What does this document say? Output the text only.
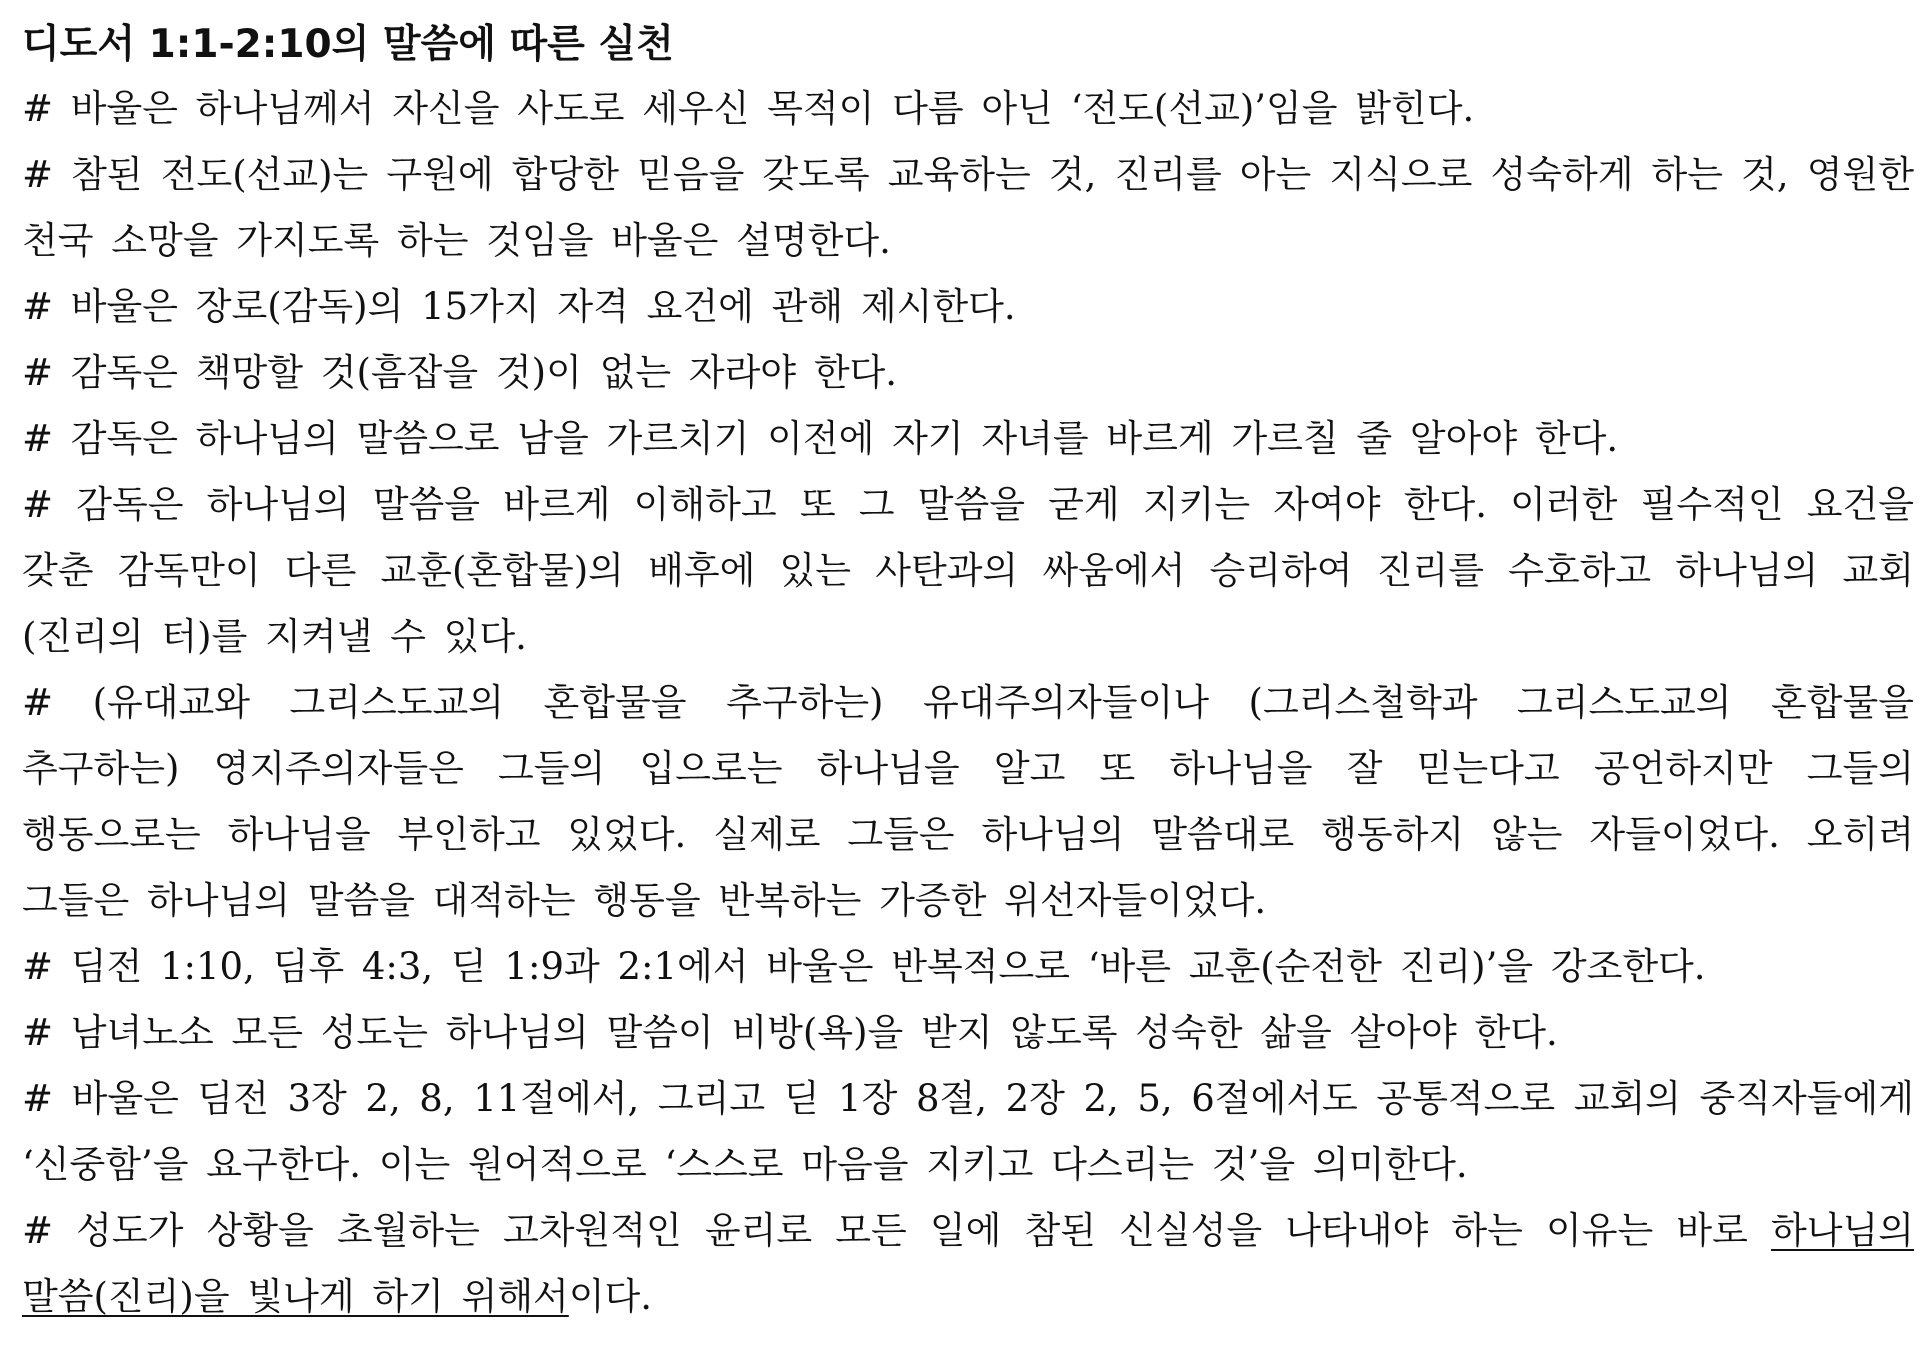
디도서 1:1-2:10의 말씀에 따른 실천

# 바울은 하나님께서 자신을 사도로 세우신 목적이 다름 아닌 ‘전도(선교)’임을 밝힌다.

# 참된 전도(선교)는 구원에 합당한 믿음을 갖도록 교육하는 것, 진리를 아는 지식으로 성숙하게 하는 것, 영원한 천국 소망을 가지도록 하는 것임을 바울은 설명한다.

# 바울은 장로(감독)의 15가지 자격 요건에 관해 제시한다.

# 감독은 책망할 것(흠잡을 것)이 없는 자라야 한다.

# 감독은 하나님의 말씀으로 남을 가르치기 이전에 자기 자녀를 바르게 가르칠 줄 알아야 한다.

# 감독은 하나님의 말씀을 바르게 이해하고 또 그 말씀을 굳게 지키는 자여야 한다. 이러한 필수적인 요건을 갖춘 감독만이 다른 교훈(혼합물)의 배후에 있는 사탄과의 싸움에서 승리하여 진리를 수호하고 하나님의 교회(진리의 터)를 지켜낼 수 있다.

# (유대교와 그리스도교의 혼합물을 추구하는) 유대주의자들이나 (그리스철학과 그리스도교의 혼합물을 추구하는) 영지주의자들은 그들의 입으로는 하나님을 알고 또 하나님을 잘 믿는다고 공언하지만 그들의 행동으로는 하나님을 부인하고 있었다. 실제로 그들은 하나님의 말씀대로 행동하지 않는 자들이었다. 오히려 그들은 하나님의 말씀을 대적하는 행동을 반복하는 가증한 위선자들이었다.

# 딤전 1:10, 딤후 4:3, 딛 1:9과 2:1에서 바울은 반복적으로 ‘바른 교훈(순전한 진리)’을 강조한다.

# 남녀노소 모든 성도는 하나님의 말씀이 비방(욕)을 받지 않도록 성숙한 삶을 살아야 한다.

# 바울은 딤전 3장 2, 8, 11절에서, 그리고 딛 1장 8절, 2장 2, 5, 6절에서도 공통적으로 교회의 중직자들에게 ‘신중함’을 요구한다. 이는 원어적으로 ‘스스로 마음을 지키고 다스리는 것’을 의미한다.

# 성도가 상황을 초월하는 고차원적인 윤리로 모든 일에 참된 신실성을 나타내야 하는 이유는 바로 하나님의 말씀(진리)을 빛나게 하기 위해서이다.
